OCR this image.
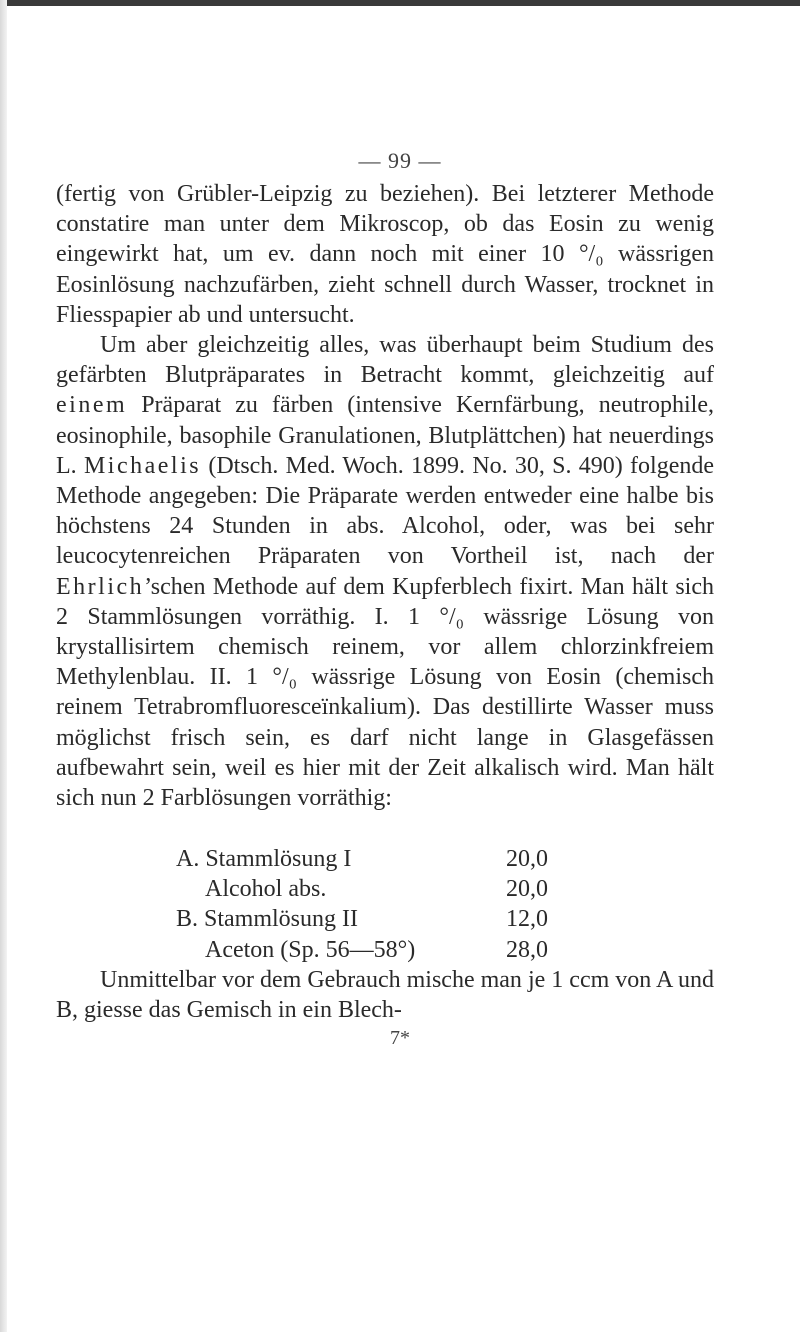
— 99 —

(fertig von Grübler-Leipzig zu beziehen). Bei letzterer Methode constatire man unter dem Mikroscop, ob das Eosin zu wenig eingewirkt hat, um ev. dann noch mit einer 10 °/₀ wässrigen Eosinlösung nachzufärben, zieht schnell durch Wasser, trocknet in Fliesspapier ab und untersucht.

Um aber gleichzeitig alles, was überhaupt beim Studium des gefärbten Blutpräparates in Betracht kommt, gleichzeitig auf einem Präparat zu färben (intensive Kernfärbung, neutrophile, eosinophile, basophile Granulationen, Blutplättchen) hat neuerdings L. Michaelis (Dtsch. Med. Woch. 1899. No. 30, S. 490) folgende Methode angegeben: Die Präparate werden entweder eine halbe bis höchstens 24 Stunden in abs. Alcohol, oder, was bei sehr leucocytenreichen Präparaten von Vortheil ist, nach der Ehrlich’schen Methode auf dem Kupferblech fixirt. Man hält sich 2 Stammlösungen vorräthig. I. 1 °/₀ wässrige Lösung von krystallisirtem chemisch reinem, vor allem chlorzinkfreiem Methylenblau. II. 1 °/₀ wässrige Lösung von Eosin (chemisch reinem Tetrabromfluoresceïnkalium). Das destillirte Wasser muss möglichst frisch sein, es darf nicht lange in Glasgefässen aufbewahrt sein, weil es hier mit der Zeit alkalisch wird. Man hält sich nun 2 Farblösungen vorräthig:

A. Stammlösung I	20,0
Alcohol abs.	20,0
B. Stammlösung II	12,0
Aceton (Sp. 56—58°)	28,0

Unmittelbar vor dem Gebrauch mische man je 1 ccm von A und B, giesse das Gemisch in ein Blech-

7*
